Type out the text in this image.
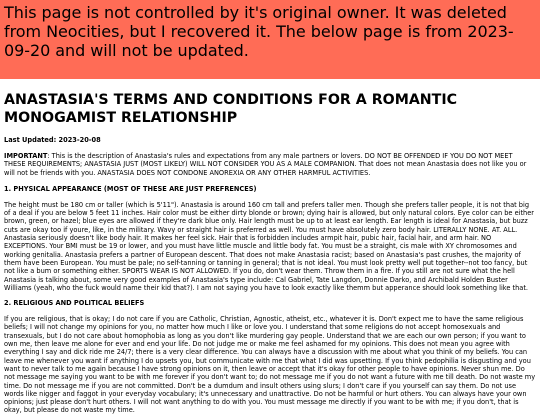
This page is not controlled by it's original owner. It was deleted from Neocities, but I recovered it. The below page is from 2023-09-20 and will not be updated.
ANASTASIA'S TERMS AND CONDITIONS FOR A ROMANTIC MONOGAMIST RELATIONSHIP
Last Updated: 2023-20-08

IMPORTANT: This is the description of Anastasia's rules and expectations from any male partners or lovers. DO NOT BE OFFENDED IF YOU DO NOT MEET THESE REQUIREMENTS; ANASTASIA JUST (MOST LIKELY) WILL NOT CONSIDER YOU AS A MALE COMPANION. That does not mean Anastasia does not like you or will not be friends with you. ANASTASIA DOES NOT CONDONE ANOREXIA OR ANY OTHER HARMFUL ACTIVITIES.

1. PHYSICAL APPEARANCE (MOST OF THESE ARE JUST PREFRENCES)

The height must be 180 cm or taller (which is 5'11"). Anastasia is around 160 cm tall and prefers taller men. Though she prefers taller people, it is not that big of a deal if you are below 5 feet 11 inches. Hair color must be either dirty blonde or brown; dying hair is allowed, but only natural colors. Eye color can be either brown, green, or hazel; blue eyes are allowed if they're dark blue only. Hair length must be up to at least ear length. Ear length is ideal for Anastasia, but buzz cuts are okay too if youre, like, in the military. Wavy or straight hair is preferred as well. You must have absolutely zero body hair. LITERALLY NONE. AT. ALL. Anastasia seriously doesn't like body hair. It makes her feel sick. Hair that is forbidden includes armpit hair, pubic hair, facial hair, and arm hair. NO EXCEPTIONS. Your BMI must be 19 or lower, and you must have little muscle and little body fat. You must be a straight, cis male with XY chromosomes and working genitalia. Anastasia prefers a partner of European descent. That does not make Anastasia racist; based on Anastasia's past crushes, the majority of them have been European. You must be pale; no self-tanning or tanning in general; that is not ideal. You must look pretty well put together--not too fancy, but not like a bum or something either. SPORTS WEAR IS NOT ALLOWED. If you do, don't wear them. Throw them in a fire. If you still are not sure what the hell Anastasia is talking about, some very good examples of Anastasia's type include: Cal Gabriel, Tate Langdon, Donnie Darko, and Archibald Holden Buster Williams (yeah, who the fuck would name their kid that?). I am not saying you have to look exactly like themm but apperance should look something like that.

2. RELIGIOUS AND POLITICAL BELIEFS

If you are religious, that is okay; I do not care if you are Catholic, Christian, Agnostic, atheist, etc., whatever it is. Don't expect me to have the same religious beliefs; I will not change my opinions for you, no matter how much I like or love you. I understand that some religions do not accept homosexuals and transexuals, but I do not care about homophobia as long as you don't like murdering gay people. Understand that we are each our own person; if you want to own me, then leave me alone for ever and end your life. Do not judge me or make me feel ashamed for my opinions. This does not mean you agree with everything I say and dick ride me 24/7; there is a very clear difference. You can always have a discussion with me about what you think of my beliefs. You can leave me whenever you want if anything I do upsets you, but communicate with me that what I did was upsetting. If you think pedophilia is disgusting and you want to never talk to me again because I have strong opinions on it, then leave or accept that it's okay for other people to have opinions. Never shun me. Do not message me saying you want to be with me forever if you don't want to; do not message me if you do not want a future with me till death. Do not waste my time. Do not message me if you are not committed. Don't be a dumdum and insult others using slurs; I don't care if you yourself can say them. Do not use words like nigger and faggot in your everyday vocabulary; it's unnecessary and unattractive. Do not be harmful or hurt others. You can always have your own opinions; just please don't hurt others. I will not want anything to do with you. You must message me directly if you want to be with me; if you don't, that is okay, but please do not waste my time.
